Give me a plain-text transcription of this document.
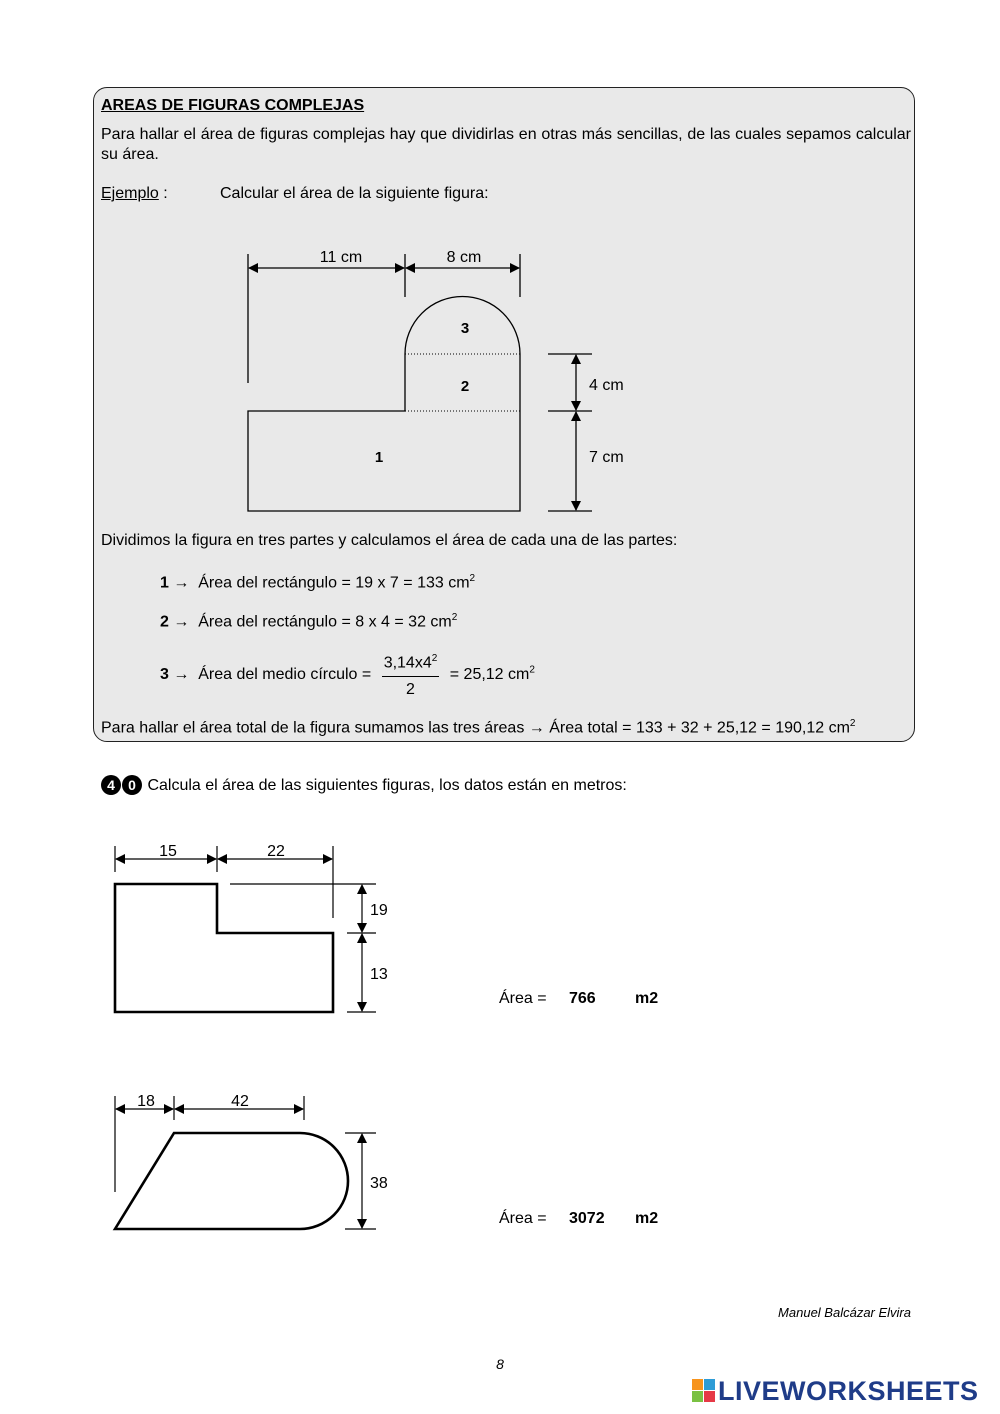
AREAS DE FIGURAS COMPLEJAS
Para hallar el área de figuras complejas hay que dividirlas en otras más sencillas, de las cuales sepamos calcular su área.
Ejemplo :	Calcular el área de la siguiente figura:
11 cm	8 cm
4 cm
7 cm
3
2
1
Dividimos la figura en tres partes y calculamos el área de cada una de las partes:
1 → Área del rectángulo = 19 x 7 = 133 $cm^2$
2 → Área del rectángulo = 8 x 4 = 32 $cm^2$
3 → Área del medio círculo = $\frac{3,14x4^2}{2} = 25,12$ $cm^2$
Para hallar el área total de la figura sumamos las tres áreas → Área total = 133 + 32 + 25,12 = 190,12 $cm^2$
4 0 Calcula el área de las siguientes figuras, los datos están en metros:
15	22
19
13
18	42
38
Área = 766 m2
Área = 3072 m2
Manuel Balcázar Elvira
8
LIVEWORKSHEETS
